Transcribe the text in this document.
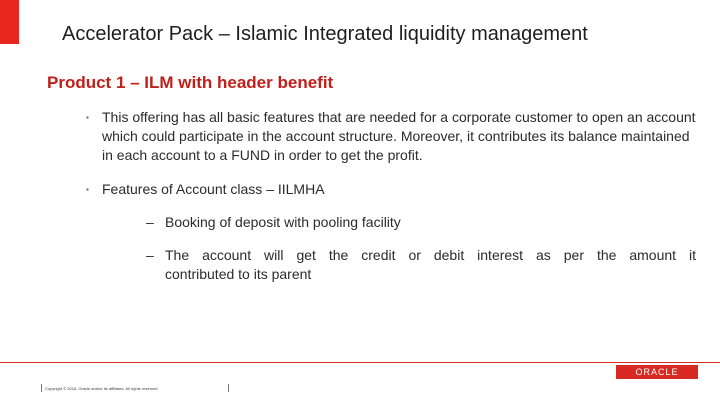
Accelerator Pack – Islamic Integrated liquidity management
Product 1 – ILM with header benefit
▪ This offering has all basic features that are needed for a corporate customer to open an account which could participate in the account structure. Moreover, it contributes its balance maintained in each account to a FUND in order to get the profit.
▪ Features of Account class – IILMHA
– Booking of deposit with pooling facility
– The account will get the credit or debit interest as per the amount it
contributed to its parent
ORACLE
Copyright © 2018, Oracle and/or its affiliates. All rights reserved.
